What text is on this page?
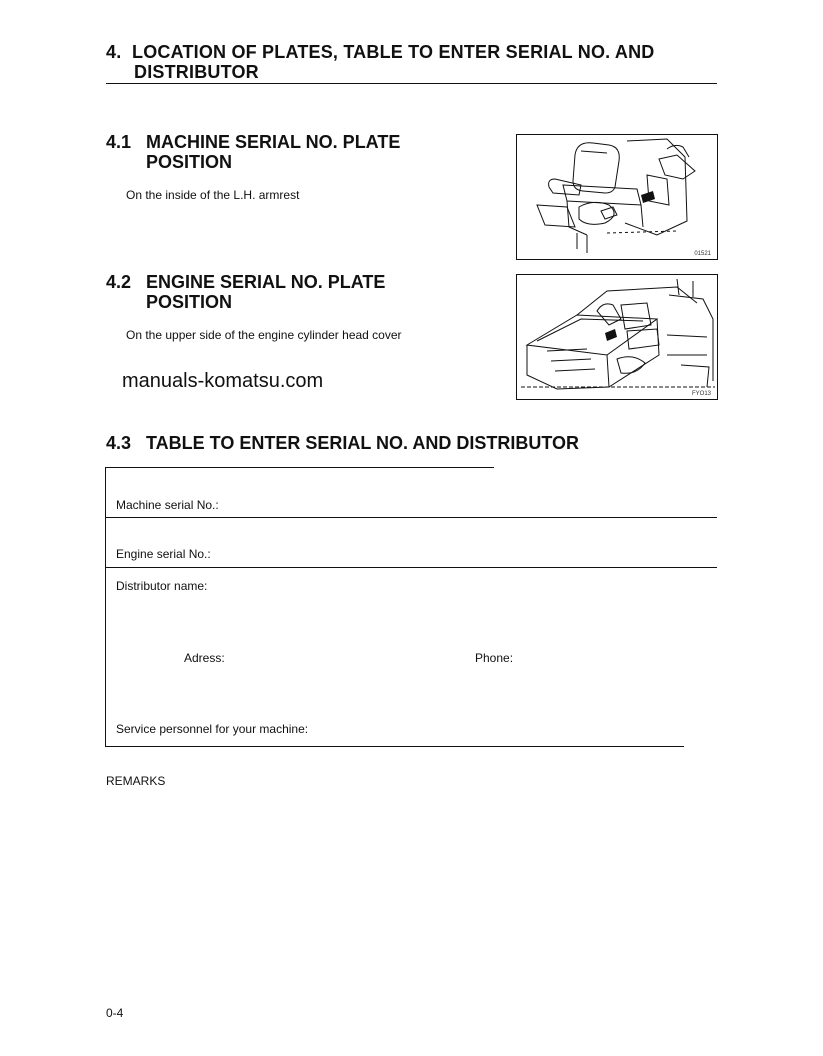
4. LOCATION OF PLATES, TABLE TO ENTER SERIAL NO. AND
DISTRIBUTOR
4.1 MACHINE SERIAL NO. PLATE
POSITION
On the inside of the L.H. armrest
01521
4.2 ENGINE SERIAL NO. PLATE
POSITION
On the upper side of the engine cylinder head cover
FYO13
manuals-komatsu.com
4.3 TABLE TO ENTER SERIAL NO. AND DISTRIBUTOR
Machine serial No.:
Engine serial No.:
Distributor name:
Adress:	Phone:
Service personnel for your machine:
REMARKS
0-4
